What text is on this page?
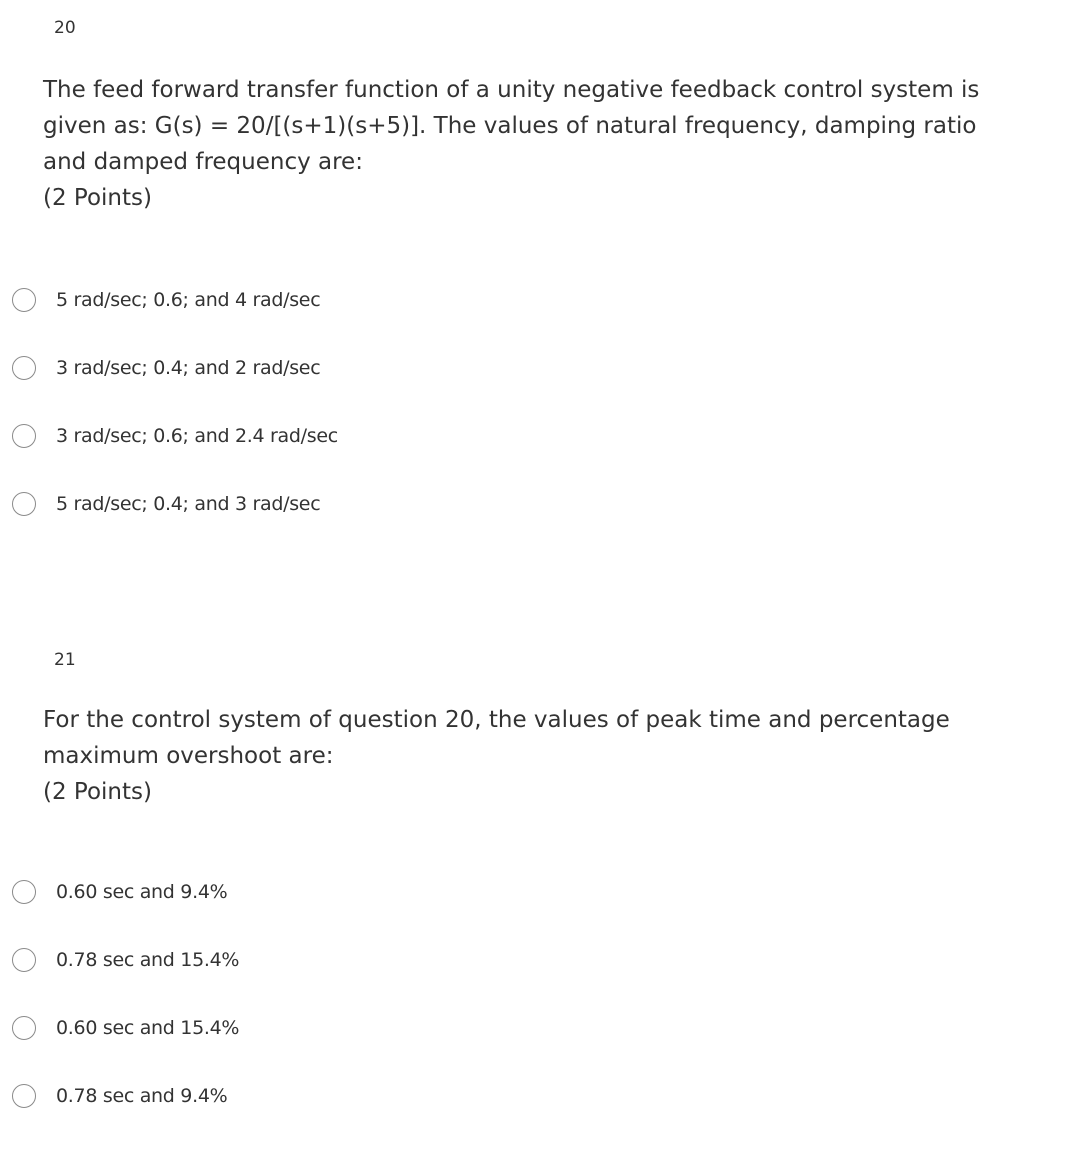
20
The feed forward transfer function of a unity negative feedback control system is
given as: G(s) = 20/[(s+1)(s+5)]. The values of natural frequency, damping ratio
and damped frequency are:
(2 Points)
5 rad/sec; 0.6; and 4 rad/sec
3 rad/sec; 0.4; and 2 rad/sec
3 rad/sec; 0.6; and 2.4 rad/sec
5 rad/sec; 0.4; and 3 rad/sec
21
For the control system of question 20, the values of peak time and percentage
maximum overshoot are:
(2 Points)
0.60 sec and 9.4%
0.78 sec and 15.4%
0.60 sec and 15.4%
0.78 sec and 9.4%
